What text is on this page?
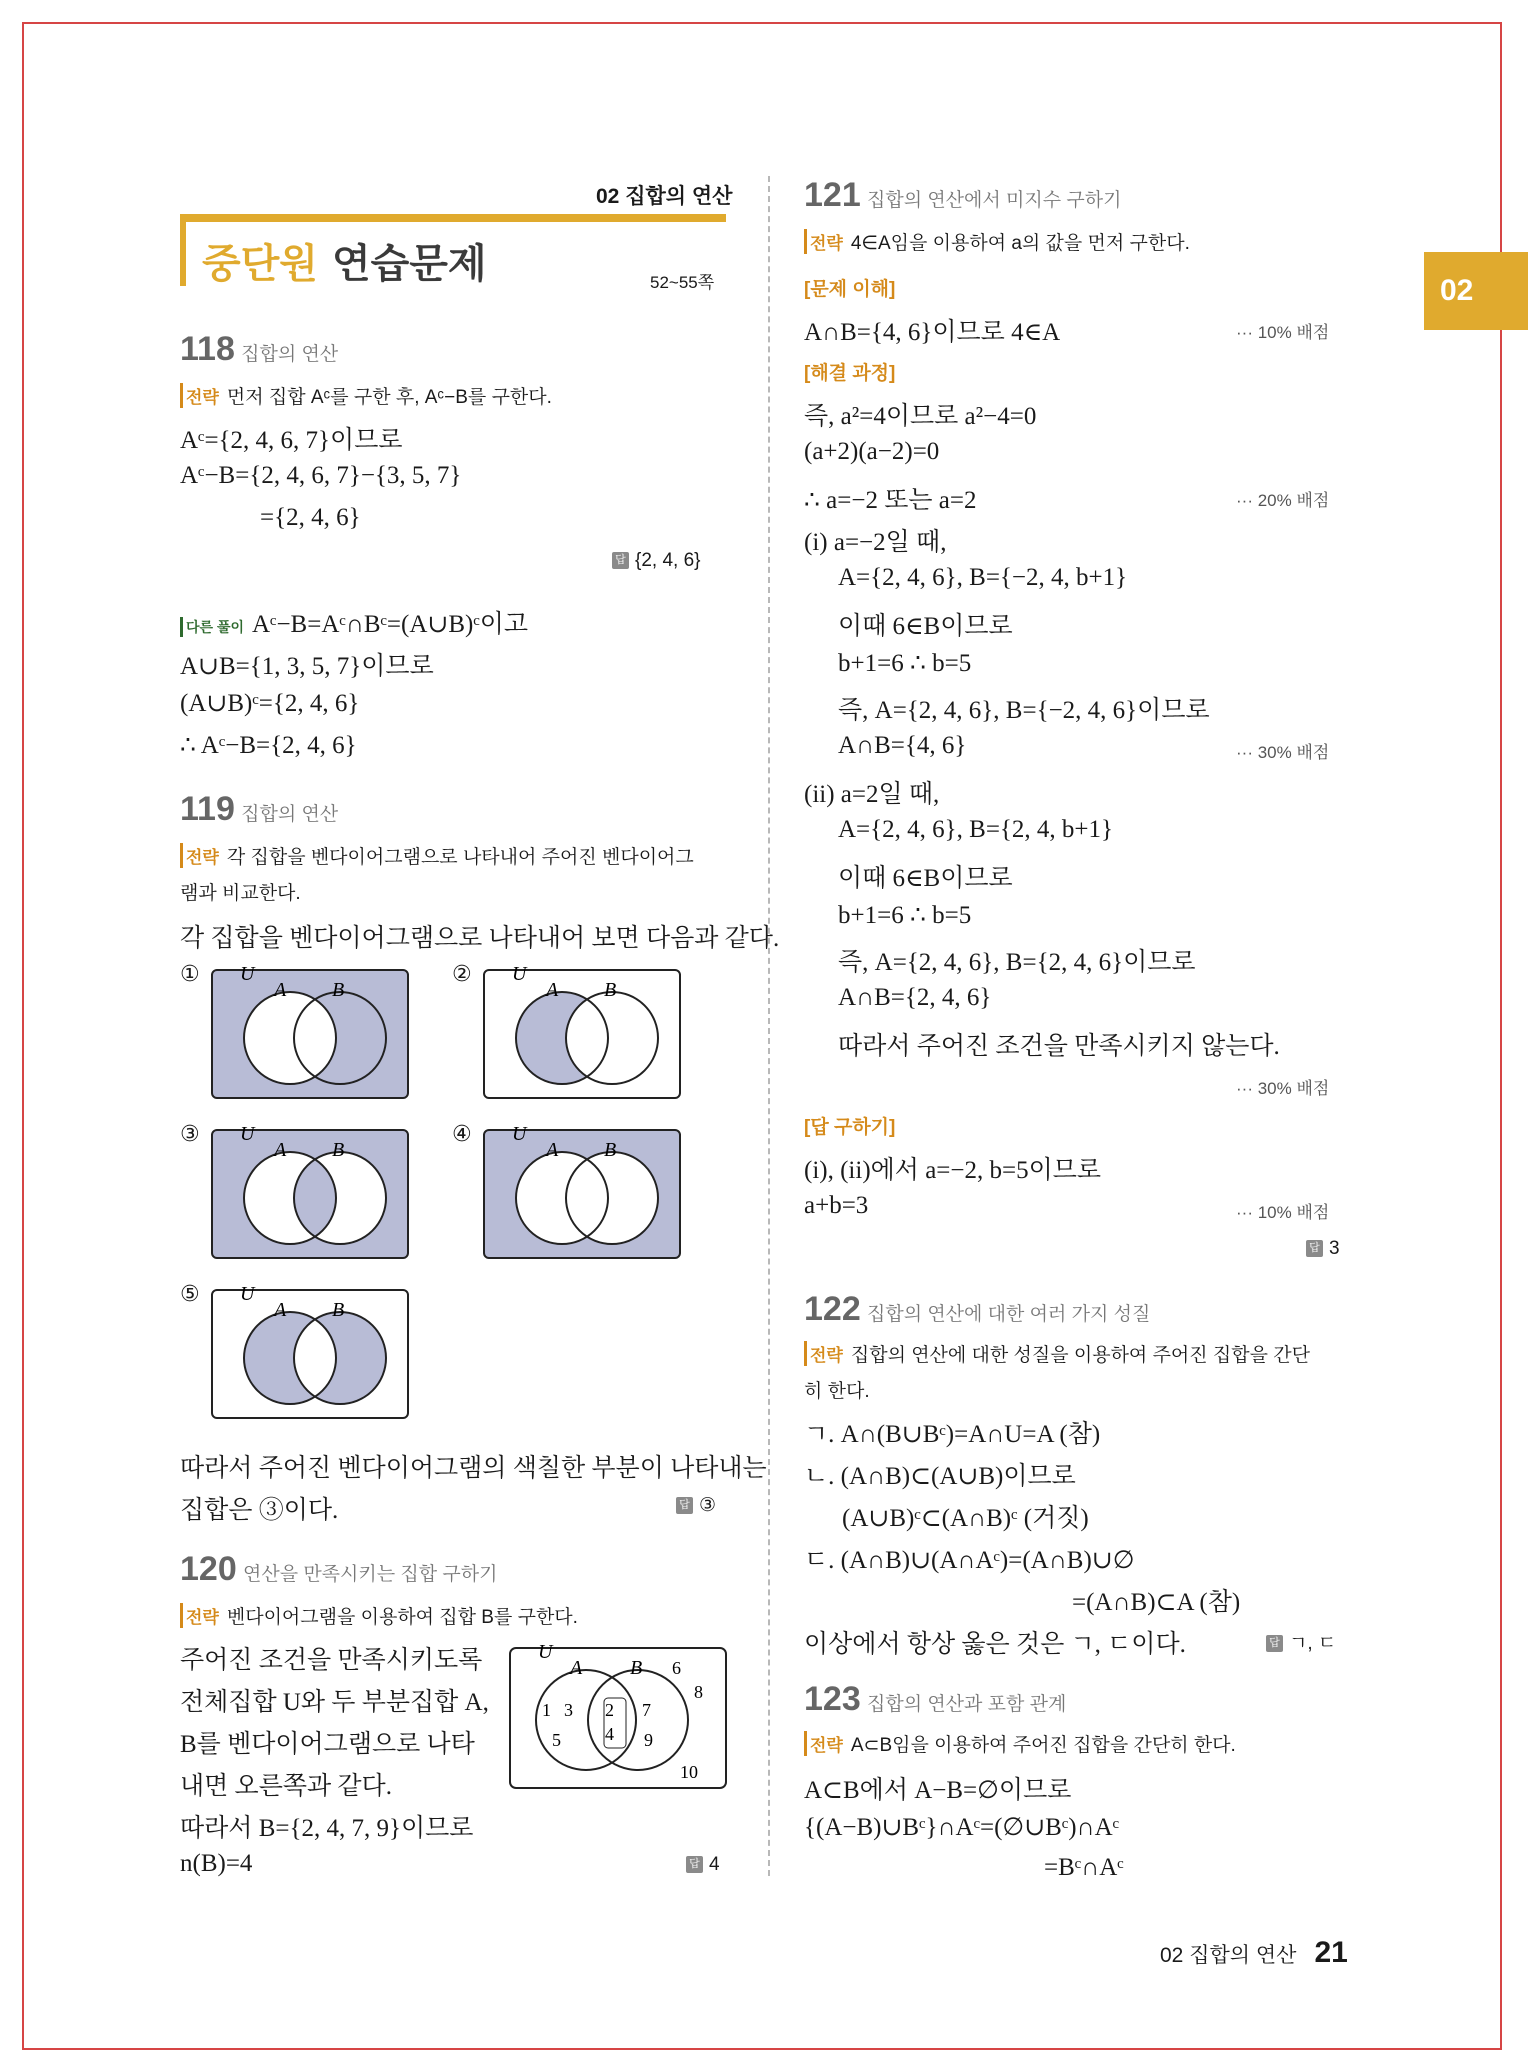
02
02 집합의 연산
중단원 연습문제	52~55쪽
118 집합의 연산
전략 먼저 집합 Aᶜ를 구한 후, Aᶜ−B를 구한다.
Aᶜ={2, 4, 6, 7}이므로
Aᶜ−B={2, 4, 6, 7}−{3, 5, 7}
={2, 4, 6}
답 {2, 4, 6}
다른 풀이 Aᶜ−B=Aᶜ∩Bᶜ=(A∪B)ᶜ이고
A∪B={1, 3, 5, 7}이므로
(A∪B)ᶜ={2, 4, 6}
∴ Aᶜ−B={2, 4, 6}
119 집합의 연산
전략 각 집합을 벤다이어그램으로 나타내어 주어진 벤다이어그
램과 비교한다.
각 집합을 벤다이어그램으로 나타내어 보면 다음과 같다.
① U
A B
② U
A B
③ U
A B
④ U
A B
⑤ U
A B
따라서 주어진 벤다이어그램의 색칠한 부분이 나타내는
집합은 ③이다.	답 ③
120 연산을 만족시키는 집합 구하기
전략 벤다이어그램을 이용하여 집합 B를 구한다.
주어진 조건을 만족시키도록
전체집합 U와 두 부분집합 A,
B를 벤다이어그램으로 나타
내면 오른쪽과 같다.
따라서 B={2, 4, 7, 9}이므로
n(B)=4	답 4
U
A B
1 3
5
2
4
7
9
6
8
10
121 집합의 연산에서 미지수 구하기
전략 4∈A임을 이용하여 a의 값을 먼저 구한다.
[문제 이해]
A∩B={4, 6}이므로 4∈A	··· 10% 배점
[해결 과정]
즉, a²=4이므로 a²−4=0
(a+2)(a−2)=0
∴ a=−2 또는 a=2	··· 20% 배점
(i) a=−2일 때,
A={2, 4, 6}, B={−2, 4, b+1}
이때 6∈B이므로
b+1=6 ∴ b=5
즉, A={2, 4, 6}, B={−2, 4, 6}이므로
A∩B={4, 6}	··· 30% 배점
(ii) a=2일 때,
A={2, 4, 6}, B={2, 4, b+1}
이때 6∈B이므로
b+1=6 ∴ b=5
즉, A={2, 4, 6}, B={2, 4, 6}이므로
A∩B={2, 4, 6}
따라서 주어진 조건을 만족시키지 않는다.
··· 30% 배점
[답 구하기]
(i), (ii)에서 a=−2, b=5이므로
a+b=3	··· 10% 배점
답 3
122 집합의 연산에 대한 여러 가지 성질
전략 집합의 연산에 대한 성질을 이용하여 주어진 집합을 간단
히 한다.
ㄱ. A∩(B∪Bᶜ)=A∩U=A (참)
ㄴ. (A∩B)⊂(A∪B)이므로
(A∪B)ᶜ⊂(A∩B)ᶜ (거짓)
ㄷ. (A∩B)∪(A∩Aᶜ)=(A∩B)∪∅
=(A∩B)⊂A (참)
이상에서 항상 옳은 것은 ㄱ, ㄷ이다.	답 ㄱ, ㄷ
123 집합의 연산과 포함 관계
전략 A⊂B임을 이용하여 주어진 집합을 간단히 한다.
A⊂B에서 A−B=∅이므로
{(A−B)∪Bᶜ}∩Aᶜ=(∅∪Bᶜ)∩Aᶜ
=Bᶜ∩Aᶜ
02 집합의 연산 21
